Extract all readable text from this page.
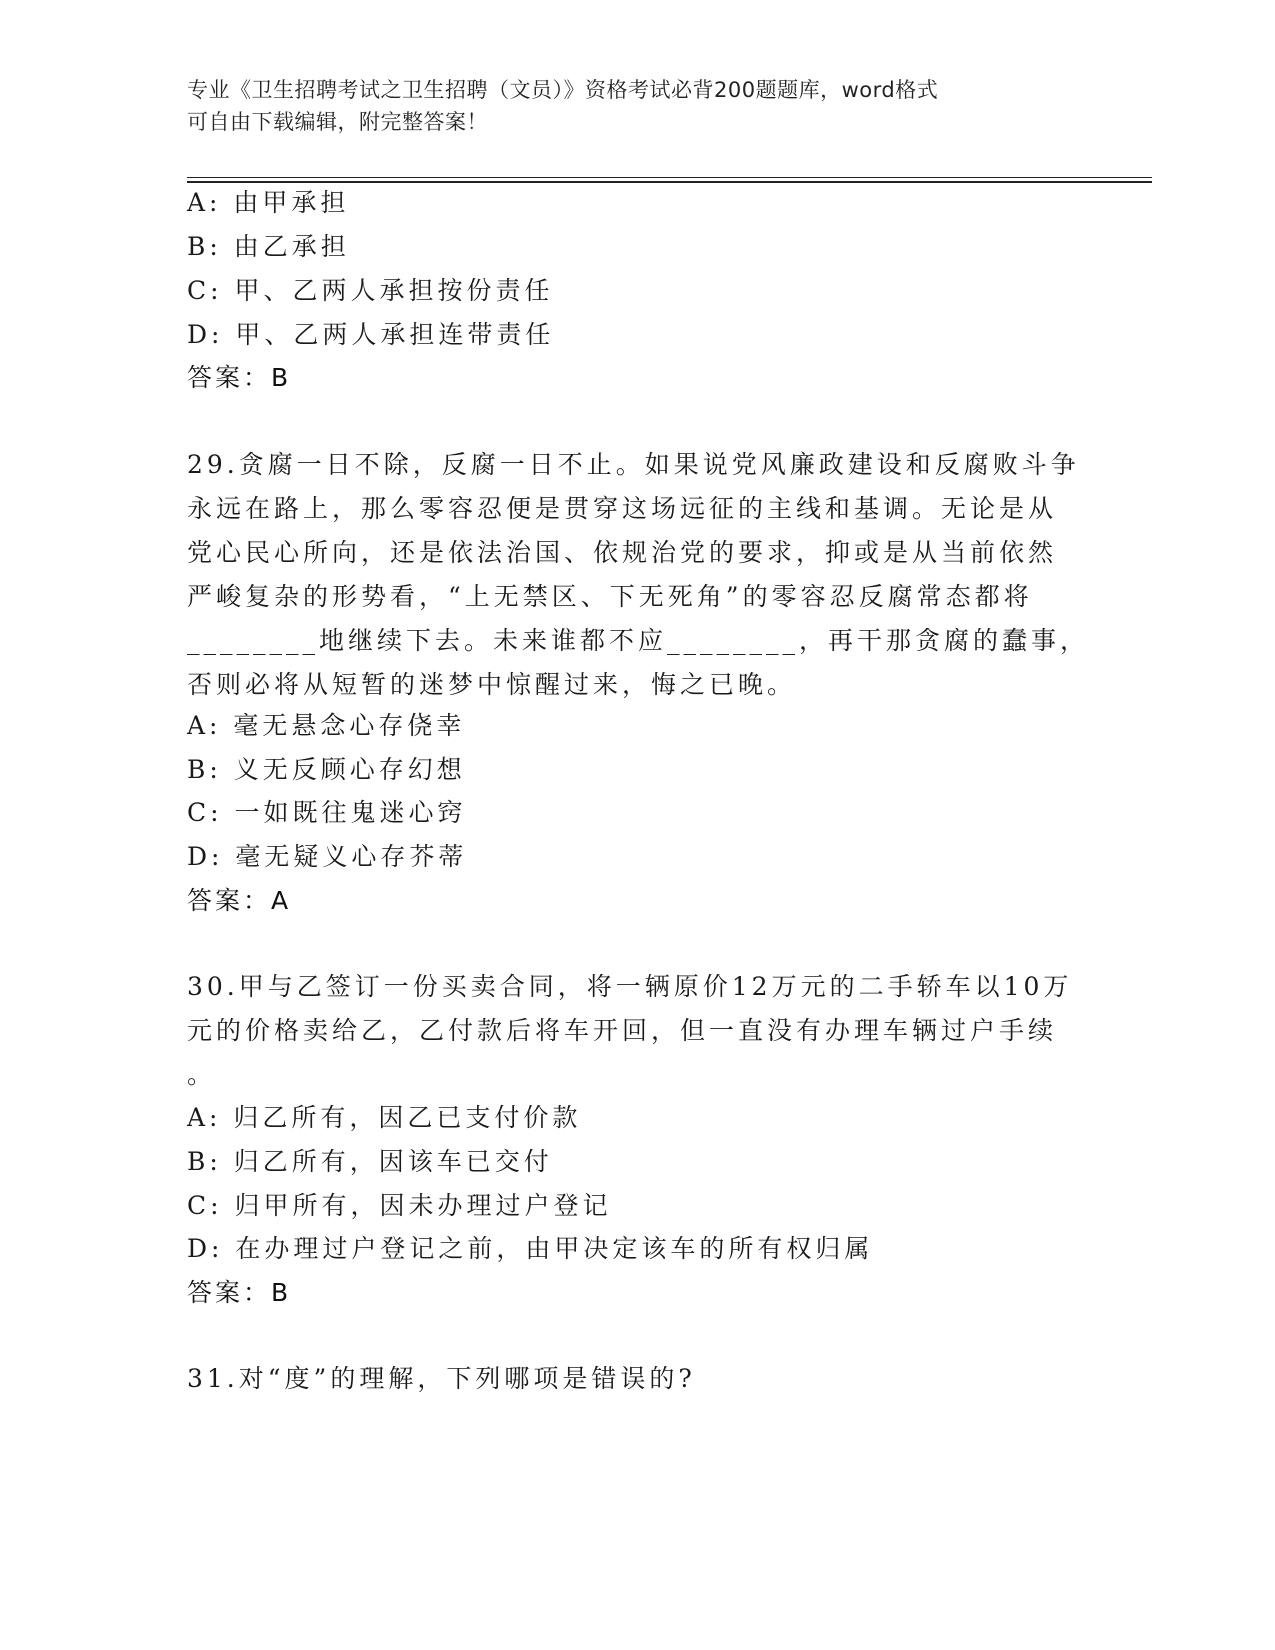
专业《卫生招聘考试之卫生招聘（文员）》资格考试必背200题题库，word格式
可自由下载编辑，附完整答案！
A: 由甲承担
B: 由乙承担
C: 甲、乙两人承担按份责任
D: 甲、乙两人承担连带责任
答案：B
29.贪腐一日不除，反腐一日不止。如果说党风廉政建设和反腐败斗争
永远在路上，那么零容忍便是贯穿这场远征的主线和基调。无论是从
党心民心所向，还是依法治国、依规治党的要求，抑或是从当前依然
严峻复杂的形势看，“上无禁区、下无死角”的零容忍反腐常态都将
________地继续下去。未来谁都不应________，再干那贪腐的蠢事，
否则必将从短暂的迷梦中惊醒过来，悔之已晚。
A: 毫无悬念心存侥幸
B: 义无反顾心存幻想
C: 一如既往鬼迷心窍
D: 毫无疑义心存芥蒂
答案：A
30.甲与乙签订一份买卖合同，将一辆原价12万元的二手轿车以10万
元的价格卖给乙，乙付款后将车开回，但一直没有办理车辆过户手续
。
A: 归乙所有，因乙已支付价款
B: 归乙所有，因该车已交付
C: 归甲所有，因未办理过户登记
D: 在办理过户登记之前，由甲决定该车的所有权归属
答案：B
31.对“度”的理解，下列哪项是错误的?
